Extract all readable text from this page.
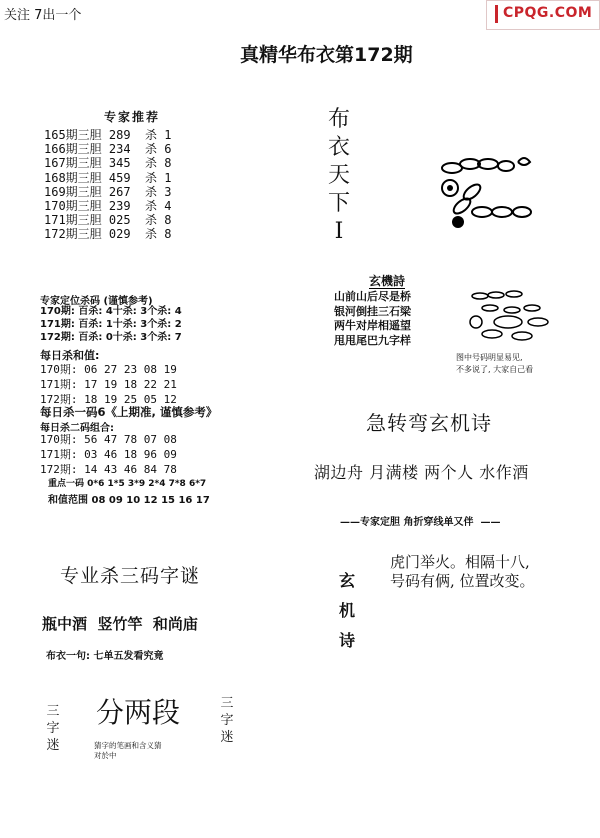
关注 7出一个	CPQG.COM
真精华布衣第172期
专家推荐
165期三胆 289  杀 1
166期三胆 234  杀 6
167期三胆 345  杀 8
168期三胆 459  杀 1
169期三胆 267  杀 3
170期三胆 239  杀 4
171期三胆 025  杀 8
172期三胆 029  杀 8
专家定位杀码 (谨慎参考)
170期: 百杀: 4十杀: 3个杀: 4
171期: 百杀: 1十杀: 3个杀: 2
172期: 百杀: 0十杀: 3个杀: 7
每日杀和值:
170期: 06 27 23 08 19
171期: 17 19 18 22 21
172期: 18 19 25 05 12
每日杀一码6《上期准, 谨慎参考》
每日杀二码组合:
170期: 56 47 78 07 08
171期: 03 46 18 96 09
172期: 14 43 46 84 78
重点一码 0*6 1*5 3*9 2*4 7*8 6*7
和值范围 08 09 10 12 15 16 17
布
衣
天
下
I
玄機詩
山前山后尽是桥
银河倒挂三石梁
两牛对岸相遥望
甩甩尾巴九字样
图中号码明显易见,
不多说了, 大家自己看
急转弯玄机诗
湖边舟 月满楼 两个人 水作酒
——专家定胆 角折穿线单又伴  ——
玄
机
诗
虎门举火。相隔十八,
号码有俩, 位置改变。
专业杀三码字谜
瓶中酒  竖竹竿  和尚庙
布衣一句: 七单五发看究竟
三
字
迷
分两段	三
字
迷
猜字的笔画和含义猜
对於中
